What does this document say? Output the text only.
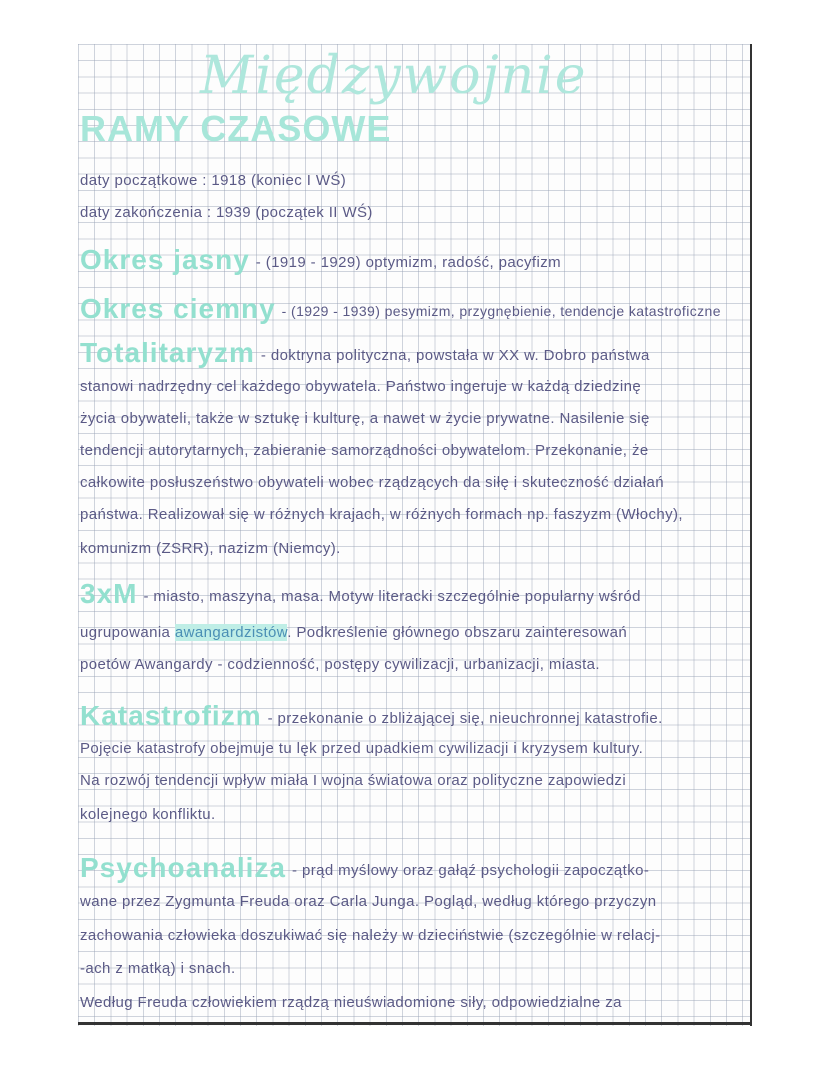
Międzywojnie
RAMY CZASOWE
daty początkowe : 1918 (koniec I WŚ)
daty zakończenia : 1939 (początek II WŚ)
Okres jasny - (1919 - 1929) optymizm, radość, pacyfizm
Okres ciemny - (1929 - 1939) pesymizm, przygnębienie, tendencje katastroficzne
Totalitaryzm - doktryna polityczna, powstała w XX w. Dobro państwa
stanowi nadrzędny cel każdego obywatela. Państwo ingeruje w każdą dziedzinę
życia obywateli, także w sztukę i kulturę, a nawet w życie prywatne. Nasilenie się
tendencji autorytarnych, zabieranie samorządności obywatelom. Przekonanie, że
całkowite posłuszeństwo obywateli wobec rządzących da siłę i skuteczność działań
państwa. Realizował się w różnych krajach, w różnych formach np. faszyzm (Włochy),
komunizm (ZSRR), nazizm (Niemcy).
3xM - miasto, maszyna, masa. Motyw literacki szczególnie popularny wśród
ugrupowania awangardzistów. Podkreślenie głównego obszaru zainteresowań
poetów Awangardy - codzienność, postępy cywilizacji, urbanizacji, miasta.
Katastrofizm - przekonanie o zbliżającej się, nieuchronnej katastrofie.
Pojęcie katastrofy obejmuje tu lęk przed upadkiem cywilizacji i kryzysem kultury.
Na rozwój tendencji wpływ miała I wojna światowa oraz polityczne zapowiedzi
kolejnego konfliktu.
Psychoanaliza - prąd myślowy oraz gałąź psychologii zapoczątko-
wane przez Zygmunta Freuda oraz Carla Junga. Pogląd, według którego przyczyn
zachowania człowieka doszukiwać się należy w dzieciństwie (szczególnie w relacj-
-ach z matką) i snach.
Według Freuda człowiekiem rządzą nieuświadomione siły, odpowiedzialne za
